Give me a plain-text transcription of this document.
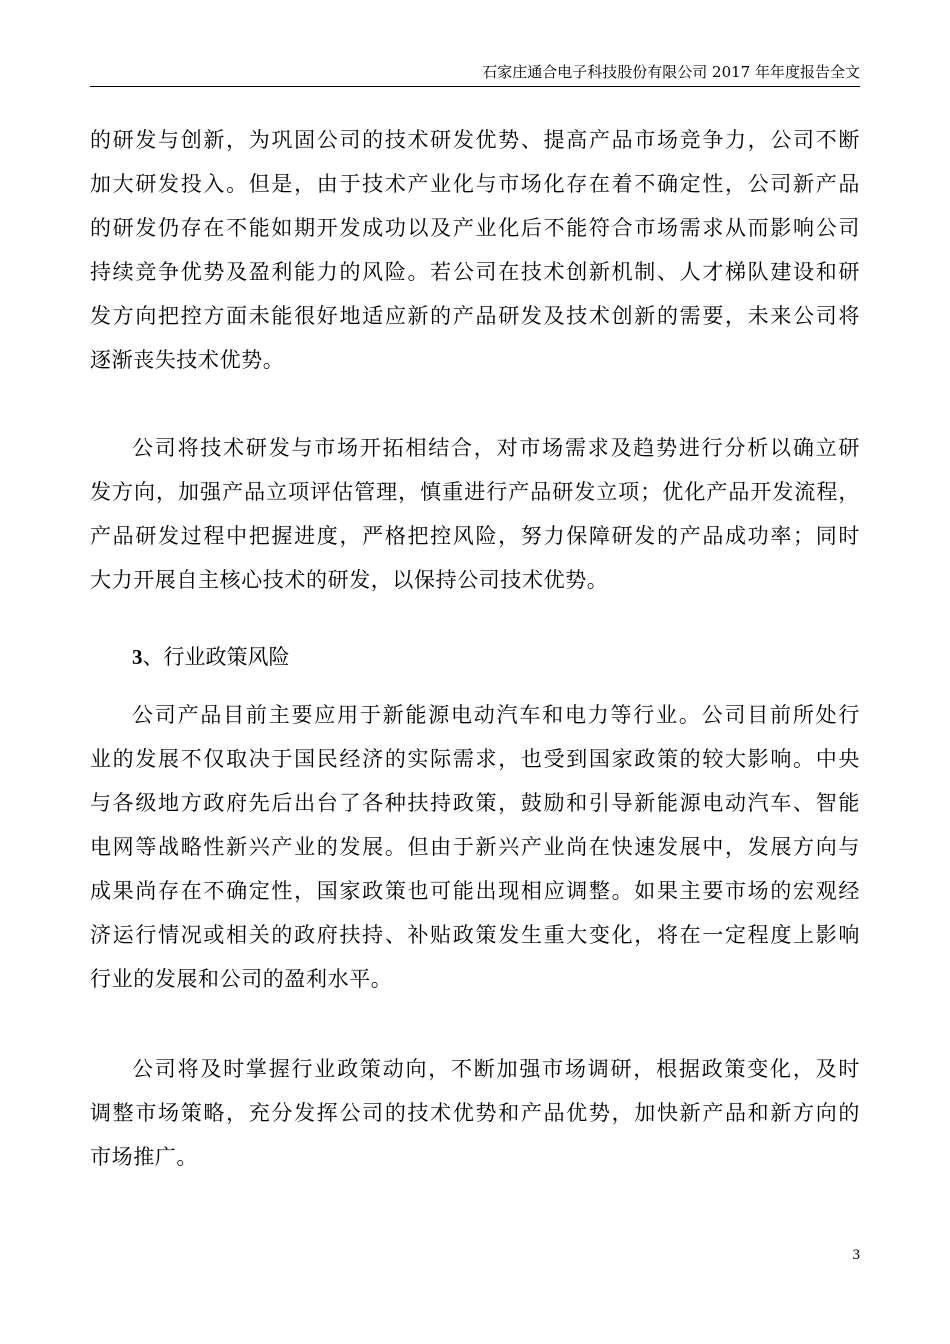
石家庄通合电子科技股份有限公司 2017 年年度报告全文
的研发与创新，为巩固公司的技术研发优势、提高产品市场竞争力，公司不断
加大研发投入。但是，由于技术产业化与市场化存在着不确定性，公司新产品
的研发仍存在不能如期开发成功以及产业化后不能符合市场需求从而影响公司
持续竞争优势及盈利能力的风险。若公司在技术创新机制、人才梯队建设和研
发方向把控方面未能很好地适应新的产品研发及技术创新的需要，未来公司将
逐渐丧失技术优势。
公司将技术研发与市场开拓相结合，对市场需求及趋势进行分析以确立研
发方向，加强产品立项评估管理，慎重进行产品研发立项；优化产品开发流程，
产品研发过程中把握进度，严格把控风险，努力保障研发的产品成功率；同时
大力开展自主核心技术的研发，以保持公司技术优势。
3、行业政策风险
公司产品目前主要应用于新能源电动汽车和电力等行业。公司目前所处行
业的发展不仅取决于国民经济的实际需求，也受到国家政策的较大影响。中央
与各级地方政府先后出台了各种扶持政策，鼓励和引导新能源电动汽车、智能
电网等战略性新兴产业的发展。但由于新兴产业尚在快速发展中，发展方向与
成果尚存在不确定性，国家政策也可能出现相应调整。如果主要市场的宏观经
济运行情况或相关的政府扶持、补贴政策发生重大变化，将在一定程度上影响
行业的发展和公司的盈利水平。
公司将及时掌握行业政策动向，不断加强市场调研，根据政策变化，及时
调整市场策略，充分发挥公司的技术优势和产品优势，加快新产品和新方向的
市场推广。
3
